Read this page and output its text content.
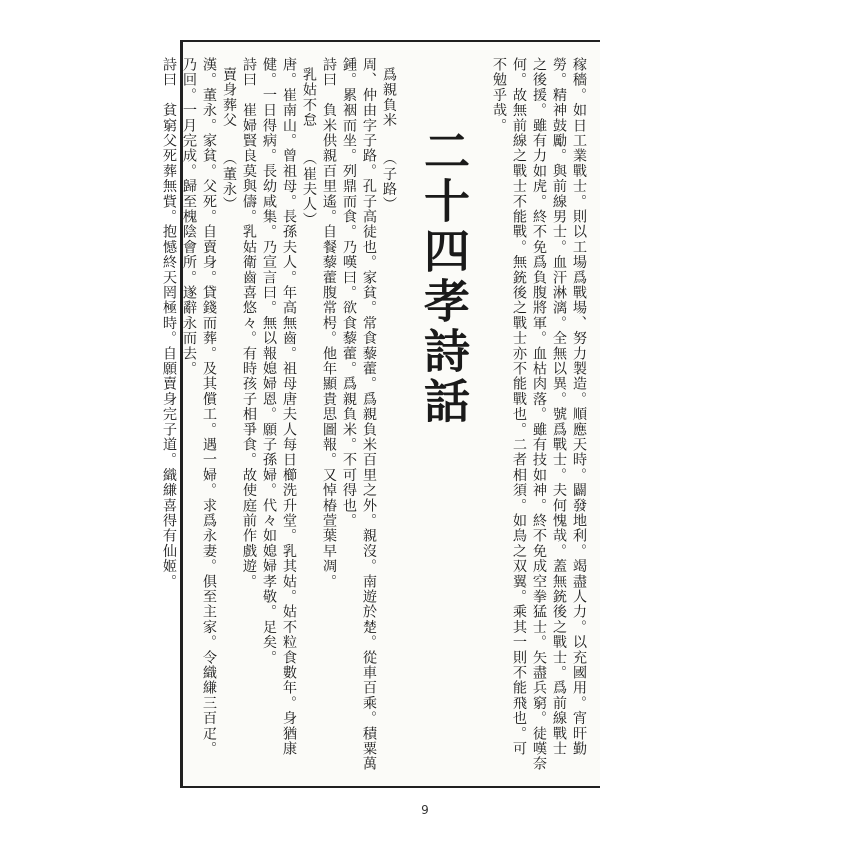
稼穡。如日工業戰士。則以工場爲戰場、努力製造。順應天時。闢發地利。竭盡人力。以充國用。宵旰勤
勞。精神鼓勵。與前線男士。血汗淋漓。全無以異。號爲戰士。夫何愧哉。蓋無銃後之戰士。爲前線戰士
之後援。雖有力如虎。終不免爲負腹將軍。血枯肉落。雖有技如神。終不免成空拳猛士。矢盡兵窮。徒嘆奈
何。故無前線之戰士不能戰。無銃後之戰士亦不能戰也。二者相須。如鳥之双翼。乘其一則不能飛也。可
不勉乎哉。
二十四孝詩話
爲親負米　　（子路）
周、仲由字子路。孔子高徒也。家貧。常食藜藿。爲親負米百里之外。親沒。南遊於楚。從車百乘。積粟萬
鍾。累裀而坐。列鼎而食。乃嘆曰。欲食藜藿。爲親負米。不可得也。
詩曰　負米供親百里遙。自餐藜藿腹常枵。他年顯貴思圖報。又悼椿萱葉早凋。
乳姑不怠　　（崔夫人）
唐。崔南山。曾祖母。長孫夫人。年高無齒。祖母唐夫人每日櫛洗升堂。乳其姑。姑不粒食數年。身猶康
健。一日得病。長幼咸集。乃宣言曰。無以報媳婦恩。願子孫婦。代々如媳婦孝敬。足矣。
詩曰　崔婦賢良莫與儔。乳姑衛齒喜悠々。有時孩子相爭食。故使庭前作戲遊。
賣身葬父　　（董永）
漢。董永。家貧。父死。自賣身。貸錢而葬。及其償工。遇一婦。求爲永妻。俱至主家。令織縑三百疋。
乃回。一月完成。歸至槐陰會所。遂辭永而去。
詩曰　貧窮父死葬無貲。抱憾終天罔極時。自願賣身完子道。織縑喜得有仙姬。
9
